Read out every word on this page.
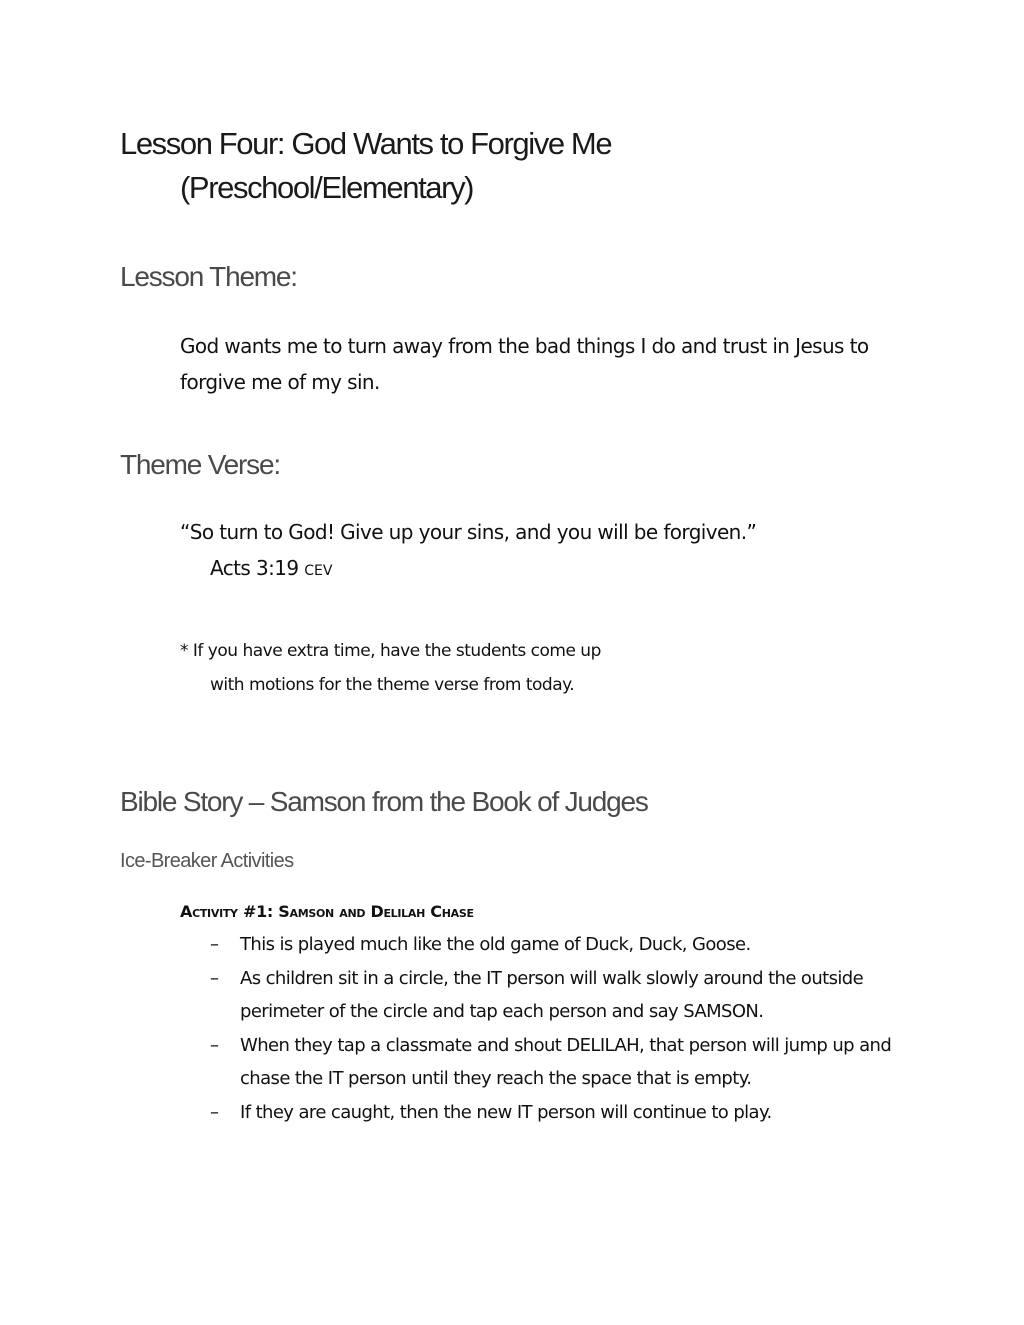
Lesson Four: God Wants to Forgive Me
(Preschool/Elementary)
Lesson Theme:

God wants me to turn away from the bad things I do and trust in Jesus to forgive me of my sin.

Theme Verse:

“So turn to God! Give up your sins, and you will be forgiven.”
Acts 3:19 CEV

* If you have extra time, have the students come up
with motions for the theme verse from today.

Bible Story – Samson from the Book of Judges
Ice-Breaker Activities

Activity #1: Samson and Delilah Chase

– This is played much like the old game of Duck, Duck, Goose.
– As children sit in a circle, the IT person will walk slowly around the outside perimeter of the circle and tap each person and say SAMSON.
– When they tap a classmate and shout DELILAH, that person will jump up and chase the IT person until they reach the space that is empty.
– If they are caught, then the new IT person will continue to play.
